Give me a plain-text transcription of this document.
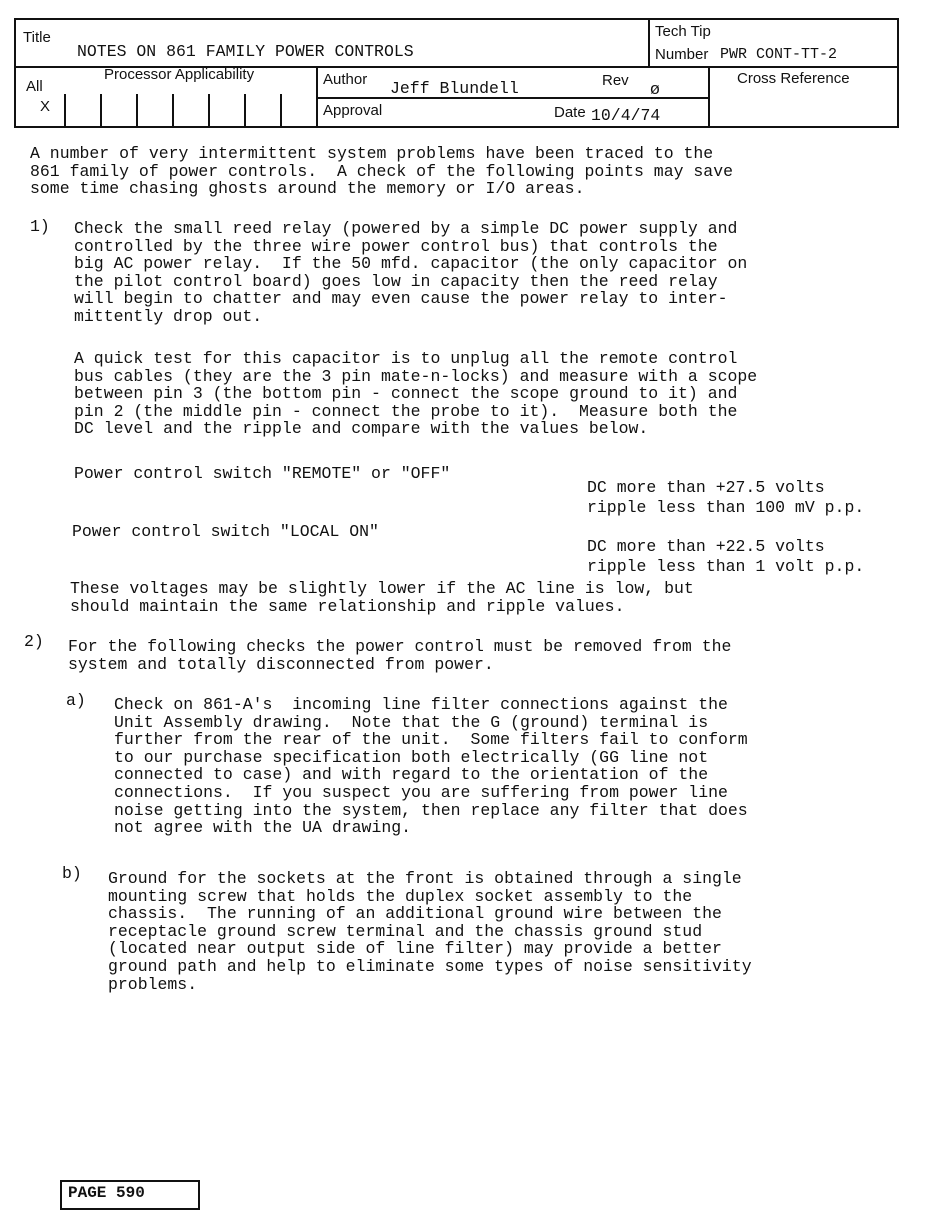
Title
NOTES ON 861 FAMILY POWER CONTROLS
Tech Tip
Number PWR CONT-TT-2
All
X
Processor Applicability	Author Jeff Blundell	Rev ø
Cross Reference
Approval	Date 10/4/74
A number of very intermittent system problems have been traced to the
861 family of power controls.  A check of the following points may save
some time chasing ghosts around the memory or I/O areas.
1) Check the small reed relay (powered by a simple DC power supply and
controlled by the three wire power control bus) that controls the
big AC power relay.  If the 50 mfd. capacitor (the only capacitor on
the pilot control board) goes low in capacity then the reed relay
will begin to chatter and may even cause the power relay to inter-
mittently drop out.
A quick test for this capacitor is to unplug all the remote control
bus cables (they are the 3 pin mate-n-locks) and measure with a scope
between pin 3 (the bottom pin - connect the scope ground to it) and
pin 2 (the middle pin - connect the probe to it).  Measure both the
DC level and the ripple and compare with the values below.
Power control switch "REMOTE" or "OFF"
DC more than +27.5 volts
ripple less than 100 mV p.p.
Power control switch "LOCAL ON"
DC more than +22.5 volts
ripple less than 1 volt p.p.
These voltages may be slightly lower if the AC line is low, but
should maintain the same relationship and ripple values.
2) For the following checks the power control must be removed from the
system and totally disconnected from power.
a) Check on 861-A's  incoming line filter connections against the
Unit Assembly drawing.  Note that the G (ground) terminal is
further from the rear of the unit.  Some filters fail to conform
to our purchase specification both electrically (GG line not
connected to case) and with regard to the orientation of the
connections.  If you suspect you are suffering from power line
noise getting into the system, then replace any filter that does
not agree with the UA drawing.
b) Ground for the sockets at the front is obtained through a single
mounting screw that holds the duplex socket assembly to the
chassis.  The running of an additional ground wire between the
receptacle ground screw terminal and the chassis ground stud
(located near output side of line filter) may provide a better
ground path and help to eliminate some types of noise sensitivity
problems.
PAGE 590
